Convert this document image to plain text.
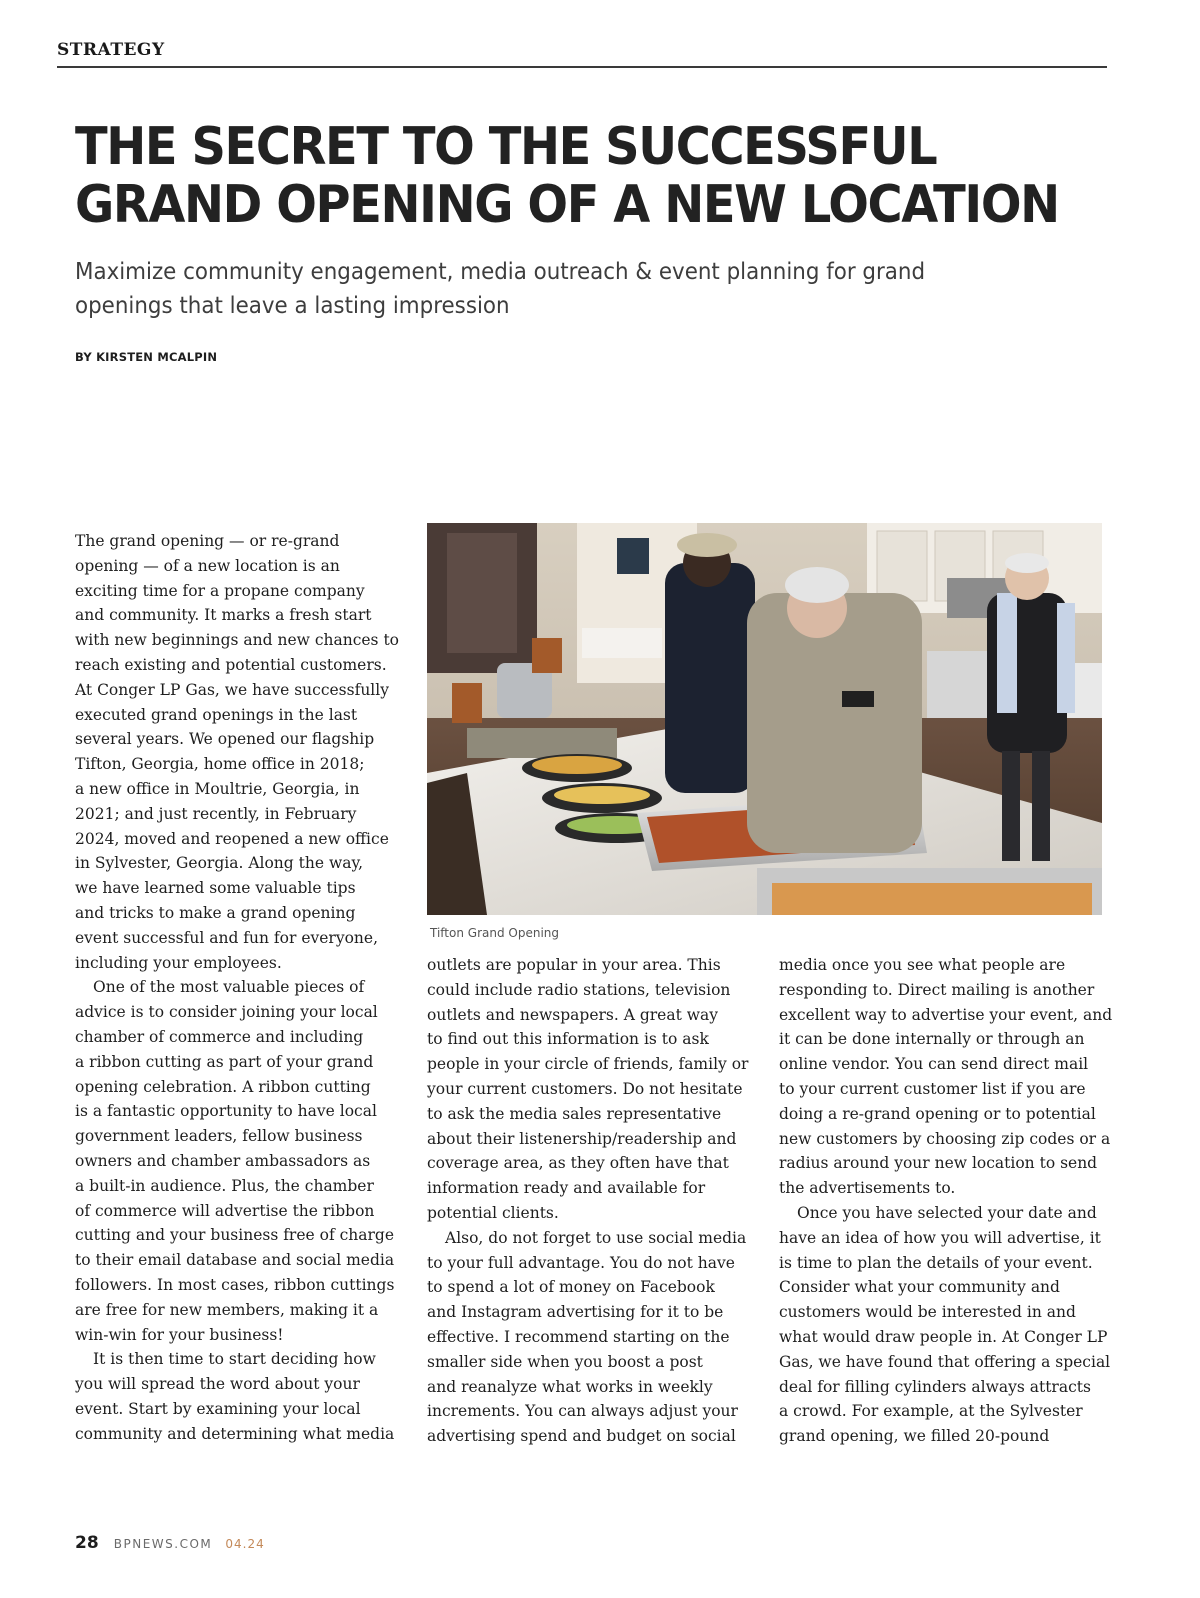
STRATEGY
THE SECRET TO THE SUCCESSFUL
GRAND OPENING OF A NEW LOCATION
Maximize community engagement, media outreach & event planning for grand
openings that leave a lasting impression
BY KIRSTEN MCALPIN
Tifton Grand Opening

The grand opening — or re-grand
opening — of a new location is an
exciting time for a propane company
and community. It marks a fresh start
with new beginnings and new chances to
reach existing and potential customers.
At Conger LP Gas, we have successfully
executed grand openings in the last
several years. We opened our flagship
Tifton, Georgia, home office in 2018;
a new office in Moultrie, Georgia, in
2021; and just recently, in February
2024, moved and reopened a new office
in Sylvester, Georgia. Along the way,
we have learned some valuable tips
and tricks to make a grand opening
event successful and fun for everyone,
including your employees.

One of the most valuable pieces of

advice is to consider joining your local
chamber of commerce and including
a ribbon cutting as part of your grand
opening celebration. A ribbon cutting
is a fantastic opportunity to have local
government leaders, fellow business
owners and chamber ambassadors as
a built-in audience. Plus, the chamber
of commerce will advertise the ribbon
cutting and your business free of charge
to their email database and social media
followers. In most cases, ribbon cuttings
are free for new members, making it a
win-win for your business!

It is then time to start deciding how

you will spread the word about your
event. Start by examining your local
community and determining what media

outlets are popular in your area. This
could include radio stations, television
outlets and newspapers. A great way
to find out this information is to ask
people in your circle of friends, family or
your current customers. Do not hesitate
to ask the media sales representative
about their listenership/readership and
coverage area, as they often have that
information ready and available for
potential clients.

Also, do not forget to use social media

to your full advantage. You do not have
to spend a lot of money on Facebook
and Instagram advertising for it to be
effective. I recommend starting on the
smaller side when you boost a post
and reanalyze what works in weekly
increments. You can always adjust your
advertising spend and budget on social

media once you see what people are
responding to. Direct mailing is another
excellent way to advertise your event, and
it can be done internally or through an
online vendor. You can send direct mail
to your current customer list if you are
doing a re-grand opening or to potential
new customers by choosing zip codes or a
radius around your new location to send
the advertisements to.

Once you have selected your date and

have an idea of how you will advertise, it
is time to plan the details of your event.
Consider what your community and
customers would be interested in and
what would draw people in. At Conger LP
Gas, we have found that offering a special
deal for filling cylinders always attracts
a crowd. For example, at the Sylvester
grand opening, we filled 20-pound

28 BPNEWS.COM 04.24
